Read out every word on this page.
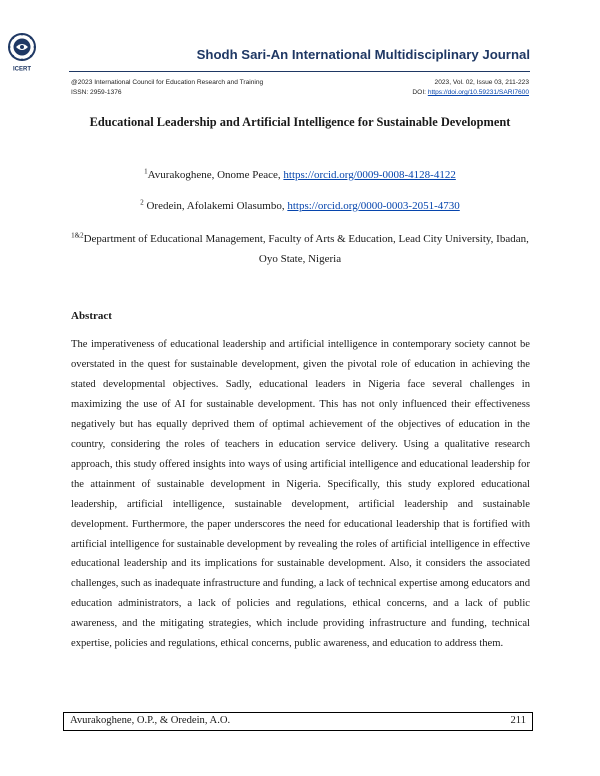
ICERT
Shodh Sari-An International Multidisciplinary Journal
@2023 International Council for Education Research and Training
ISSN: 2959-1376
2023, Vol. 02, Issue 03, 211-223
DOI: https://doi.org/10.59231/SARI7600
Educational Leadership and Artificial Intelligence for Sustainable Development
$^1$Avurakoghene, Onome Peace, https://orcid.org/0009-0008-4128-4122
$^2$ Oredein, Afolakemi Olasumbo, https://orcid.org/0000-0003-2051-4730
$^{1\&2}$Department of Educational Management, Faculty of Arts & Education, Lead City University, Ibadan, Oyo State, Nigeria
Abstract
The imperativeness of educational leadership and artificial intelligence in contemporary society cannot be overstated in the quest for sustainable development, given the pivotal role of education in achieving the stated developmental objectives. Sadly, educational leaders in Nigeria face several challenges in maximizing the use of AI for sustainable development. This has not only influenced their effectiveness negatively but has equally deprived them of optimal achievement of the objectives of education in the country, considering the roles of teachers in education service delivery. Using a qualitative research approach, this study offered insights into ways of using artificial intelligence and educational leadership for the attainment of sustainable development in Nigeria. Specifically, this study explored educational leadership, artificial intelligence, sustainable development, artificial leadership and sustainable development. Furthermore, the paper underscores the need for educational leadership that is fortified with artificial intelligence for sustainable development by revealing the roles of artificial intelligence in effective educational leadership and its implications for sustainable development. Also, it considers the associated challenges, such as inadequate infrastructure and funding, a lack of technical expertise among educators and education administrators, a lack of policies and regulations, ethical concerns, and a lack of public awareness, and the mitigating strategies, which include providing infrastructure and funding, technical expertise, policies and regulations, ethical concerns, public awareness, and education to address them.
Avurakoghene, O.P., & Oredein, A.O.	211
